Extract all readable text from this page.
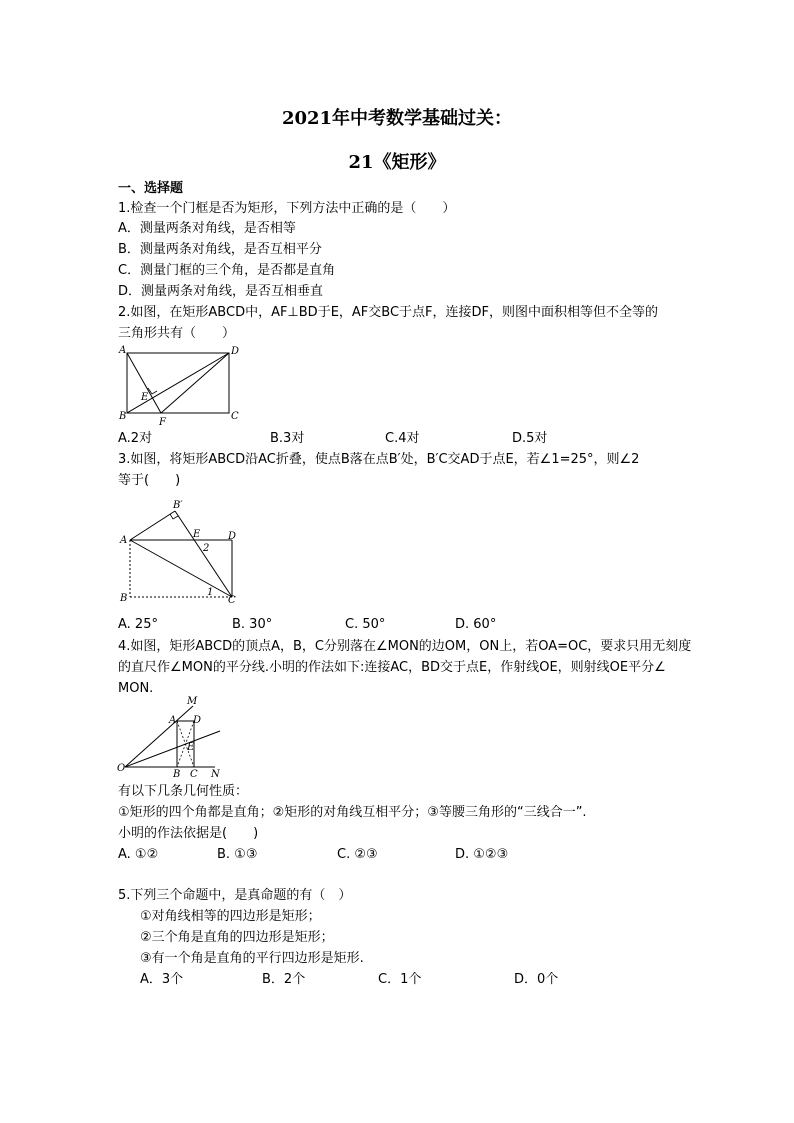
2021年中考数学基础过关：
21《矩形》
一、选择题
1.检查一个门框是否为矩形，下列方法中正确的是（　　）
A．测量两条对角线，是否相等
B．测量两条对角线，是否互相平分
C．测量门框的三个角，是否都是直角
D．测量两条对角线，是否互相垂直
2.如图，在矩形ABCD中，AF⊥BD于E，AF交BC于点F，连接DF，则图中面积相等但不全等的
三角形共有（　　）
A	D
E
B
F
C
A.2对	B.3对	C.4对	D.5对
3.如图，将矩形ABCD沿AC折叠，使点B落在点B′处，B′C交AD于点E，若∠1=25°，则∠2
等于(　　)
B′
E
2
D
A
B
1
C
A. 25°	B. 30°	C. 50°	D. 60°
4.如图，矩形ABCD的顶点A，B，C分别落在∠MON的边OM，ON上，若OA=OC，要求只用无刻度
的直尺作∠MON的平分线.小明的作法如下:连接AC，BD交于点E，作射线OE，则射线OE平分∠
MON.
M
A D
E
O
B C N
有以下几条几何性质：
①矩形的四个角都是直角；②矩形的对角线互相平分；③等腰三角形的“三线合一”.
小明的作法依据是(　　)
A. ①②	B. ①③	C. ②③	D. ①②③
5.下列三个命题中，是真命题的有（　）
①对角线相等的四边形是矩形；
②三个角是直角的四边形是矩形；
③有一个角是直角的平行四边形是矩形.
A．3个	B．2个	C．1个	D．0个
